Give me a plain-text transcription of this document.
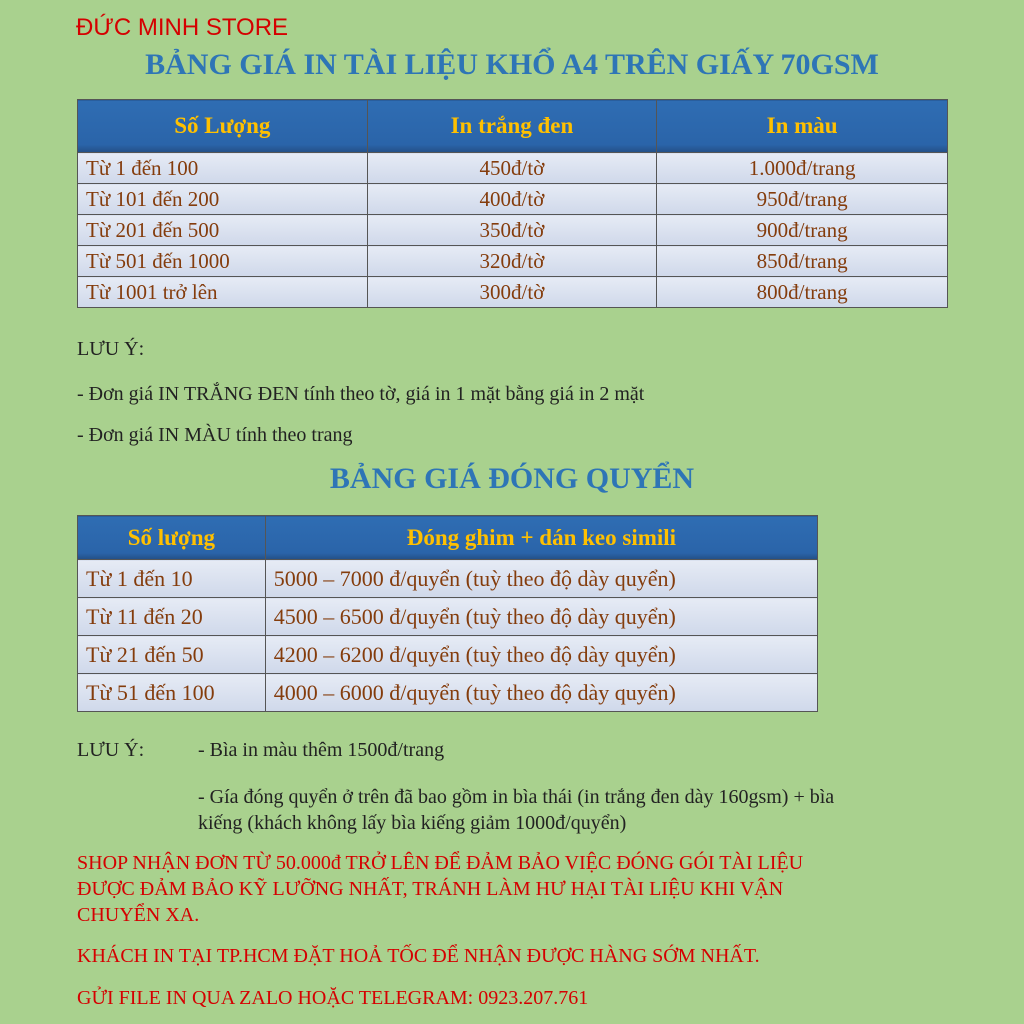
ĐỨC MINH STORE
BẢNG GIÁ IN TÀI LIỆU KHỔ A4 TRÊN GIẤY 70GSM
Số Lượng	In trắng đen	In màu
Từ 1 đến 100	450đ/tờ	1.000đ/trang
Từ 101 đến 200	400đ/tờ	950đ/trang
Từ 201 đến 500	350đ/tờ	900đ/trang
Từ 501 đến 1000	320đ/tờ	850đ/trang
Từ 1001 trở lên	300đ/tờ	800đ/trang
LƯU Ý:
- Đơn giá IN TRẮNG ĐEN tính theo tờ, giá in 1 mặt bằng giá in 2 mặt
- Đơn giá IN MÀU tính theo trang
BẢNG GIÁ ĐÓNG QUYỂN
Số lượng	Đóng ghim + dán keo simili
Từ 1 đến 10	5000 – 7000 đ/quyển (tuỳ theo độ dày quyển)
Từ 11 đến 20	4500 – 6500 đ/quyển (tuỳ theo độ dày quyển)
Từ 21 đến 50	4200 – 6200 đ/quyển (tuỳ theo độ dày quyển)
Từ 51 đến 100	4000 – 6000 đ/quyển (tuỳ theo độ dày quyển)
LƯU Ý:	- Bìa in màu thêm 1500đ/trang
- Gía đóng quyển ở trên đã bao gồm in bìa thái (in trắng đen dày 160gsm) + bìa
kiếng (khách không lấy bìa kiếng giảm 1000đ/quyển)
SHOP NHẬN ĐƠN TỪ 50.000đ TRỞ LÊN ĐỂ ĐẢM BẢO VIỆC ĐÓNG GÓI TÀI LIỆU
ĐƯỢC ĐẢM BẢO KỸ LƯỠNG NHẤT, TRÁNH LÀM HƯ HẠI TÀI LIỆU KHI VẬN
CHUYỂN XA.
KHÁCH IN TẠI TP.HCM ĐẶT HOẢ TỐC ĐỂ NHẬN ĐƯỢC HÀNG SỚM NHẤT.
GỬI FILE IN QUA ZALO HOẶC TELEGRAM: 0923.207.761
